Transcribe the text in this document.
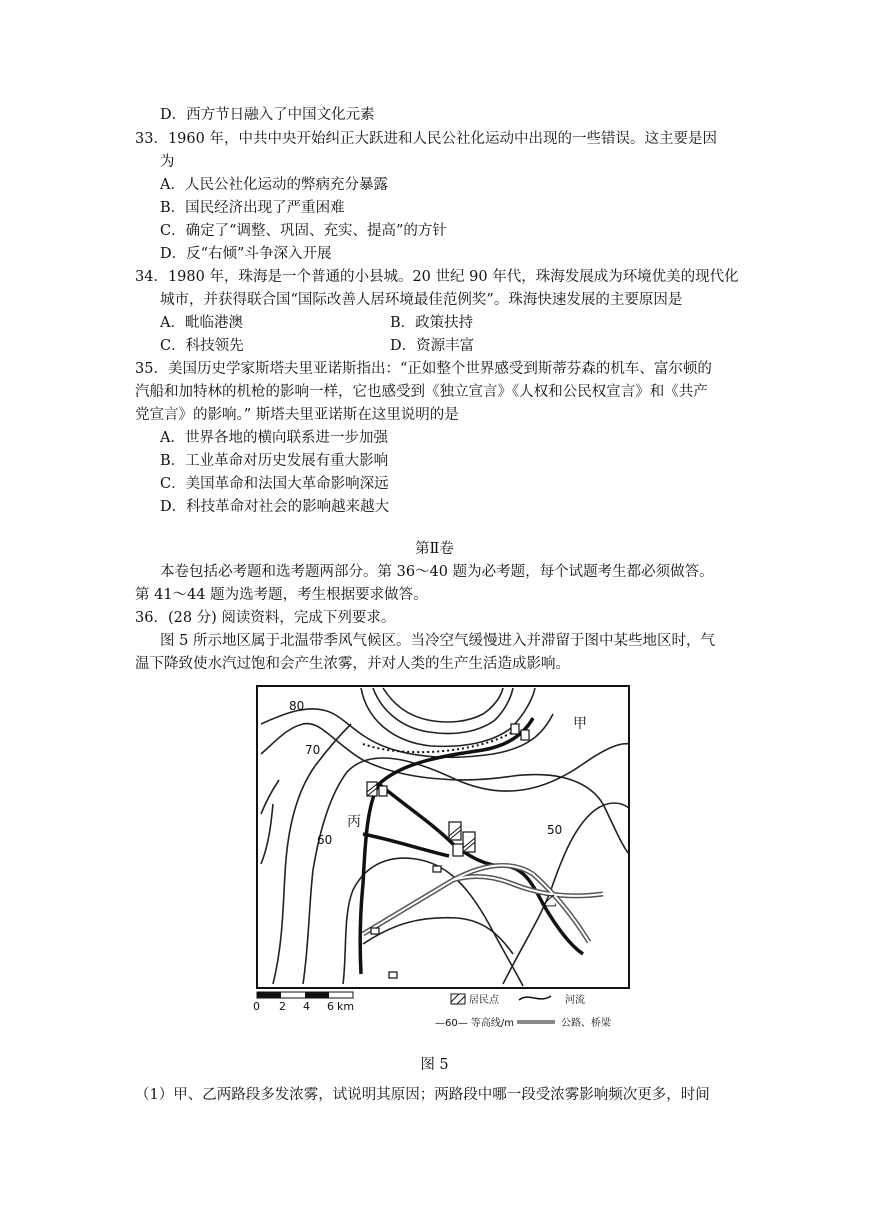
D．西方节日融入了中国文化元素
33．1960 年，中共中央开始纠正大跃进和人民公社化运动中出现的一些错误。这主要是因
为
A．人民公社化运动的弊病充分暴露
B．国民经济出现了严重困难
C．确定了“调整、巩固、充实、提高”的方针
D．反“右倾”斗争深入开展
34．1980 年，珠海是一个普通的小县城。20 世纪 90 年代，珠海发展成为环境优美的现代化
城市，并获得联合国“国际改善人居环境最佳范例奖”。珠海快速发展的主要原因是
A．毗临港澳	B．政策扶持
C．科技领先	D．资源丰富
35．美国历史学家斯塔夫里亚诺斯指出：“正如整个世界感受到斯蒂芬森的机车、富尔顿的
汽船和加特林的机枪的影响一样，它也感受到《独立宣言》《人权和公民权宣言》和《共产
党宣言》的影响。” 斯塔夫里亚诺斯在这里说明的是
A．世界各地的横向联系进一步加强
B．工业革命对历史发展有重大影响
C．美国革命和法国大革命影响深远
D．科技革命对社会的影响越来越大
第Ⅱ卷
本卷包括必考题和选考题两部分。第 36～40 题为必考题，每个试题考生都必须做答。
第 41～44 题为选考题，考生根据要求做答。
36．(28 分) 阅读资料，完成下列要求。
图 5 所示地区属于北温带季风气候区。当冷空气缓慢进入并滞留于图中某些地区时，气
温下降致使水汽过饱和会产生浓雾，并对人类的生产生活造成影响。
80
70
60
50
甲
乙
丙
0 2 4 6 km	居民点	河流
—60— 等高线/m	公路、桥梁
图 5
（1）甲、乙两路段多发浓雾，试说明其原因；两路段中哪一段受浓雾影响频次更多，时间
